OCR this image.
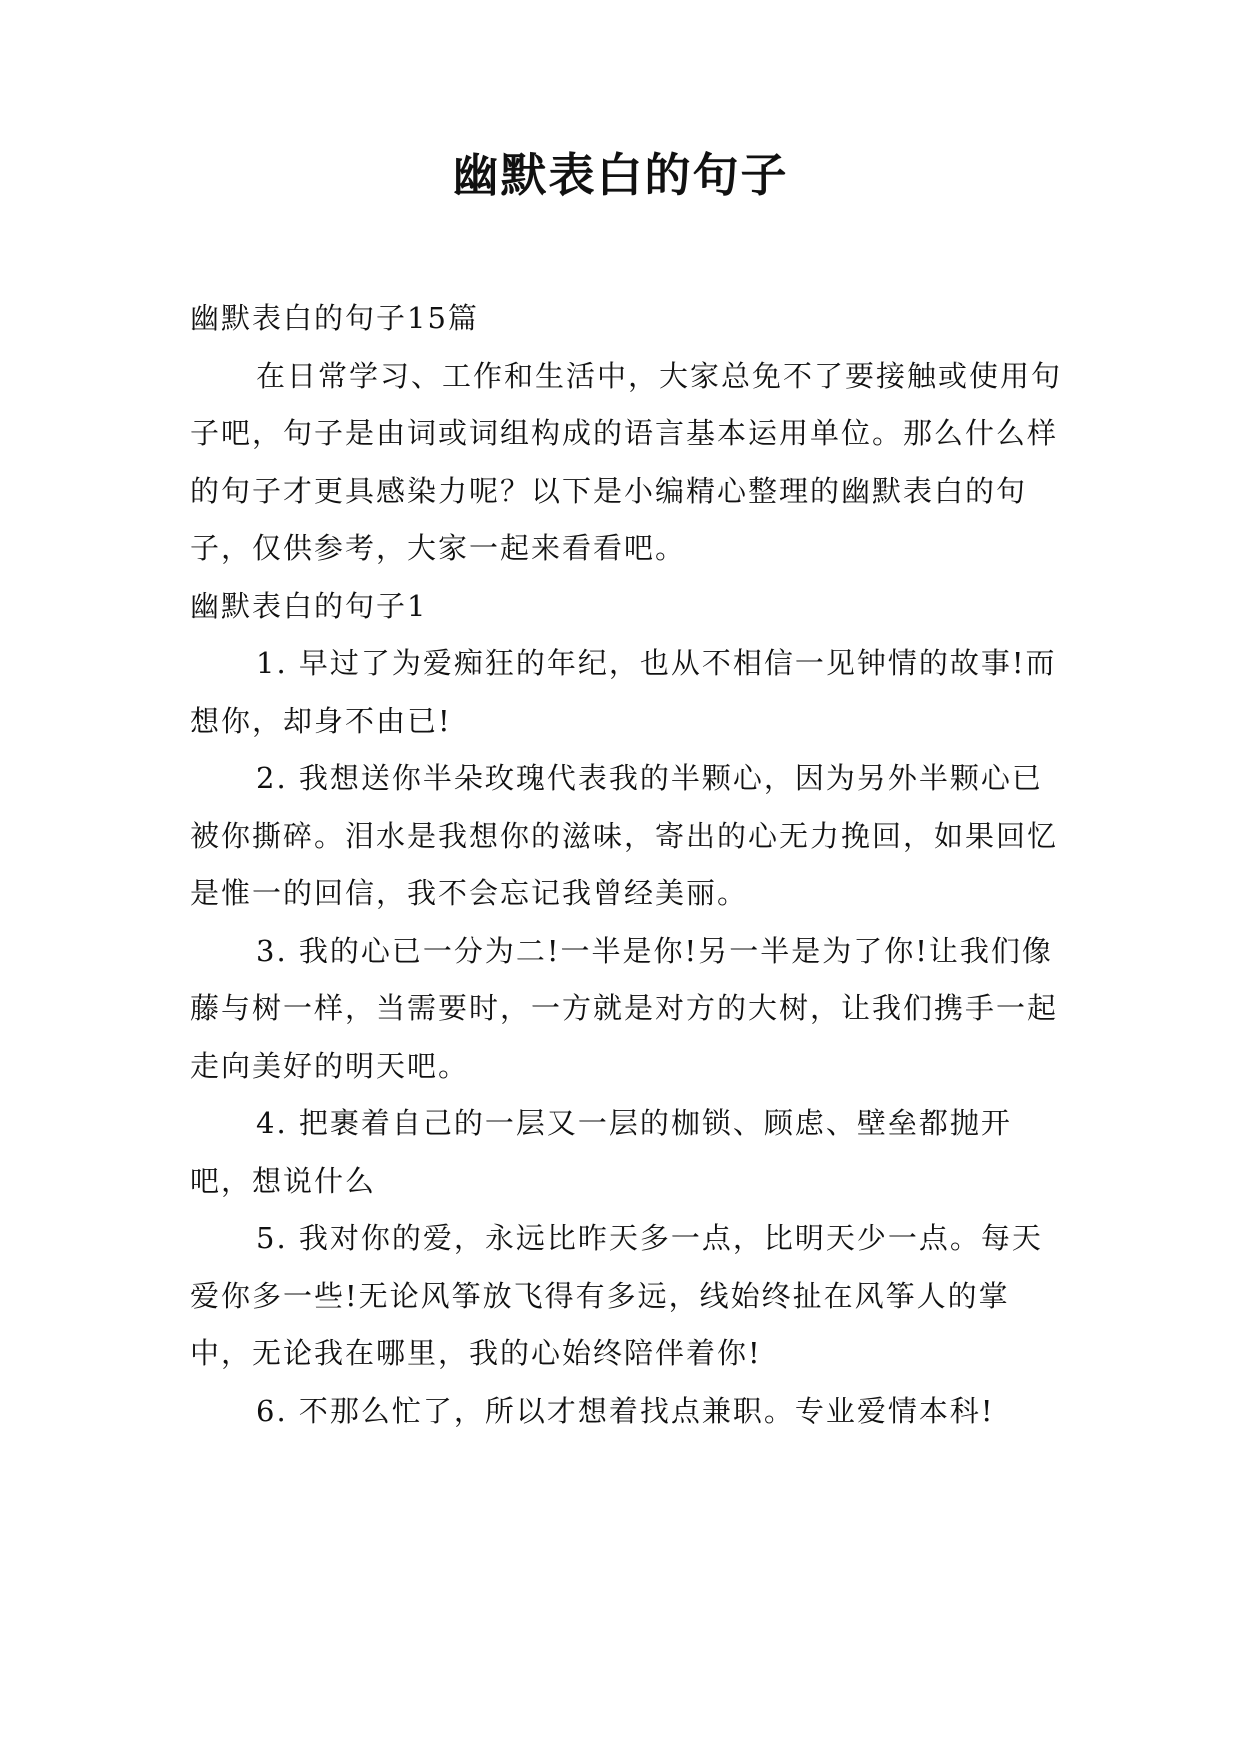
幽默表白的句子

幽默表白的句子15篇

在日常学习、工作和生活中，大家总免不了要接触或使用句子吧，句子是由词或词组构成的语言基本运用单位。那么什么样的句子才更具感染力呢？以下是小编精心整理的幽默表白的句子，仅供参考，大家一起来看看吧。

幽默表白的句子1

1. 早过了为爱痴狂的年纪，也从不相信一见钟情的故事!而想你，却身不由已!

2. 我想送你半朵玫瑰代表我的半颗心，因为另外半颗心已被你撕碎。泪水是我想你的滋味，寄出的心无力挽回，如果回忆是惟一的回信，我不会忘记我曾经美丽。

3. 我的心已一分为二!一半是你!另一半是为了你!让我们像藤与树一样，当需要时，一方就是对方的大树，让我们携手一起走向美好的明天吧。

4. 把裹着自己的一层又一层的枷锁、顾虑、壁垒都抛开吧，想说什么

5. 我对你的爱，永远比昨天多一点，比明天少一点。每天爱你多一些!无论风筝放飞得有多远，线始终扯在风筝人的掌中，无论我在哪里，我的心始终陪伴着你!

6. 不那么忙了，所以才想着找点兼职。专业爱情本科!
